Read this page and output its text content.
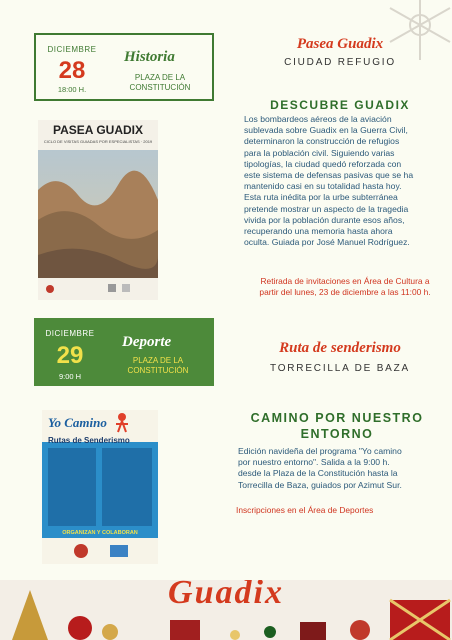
DICIEMBRE
28
18:00 H.
Historia
PLAZA DE LA
CONSTITUCIÓN
Pasea Guadix
CIUDAD REFUGIO
DESCUBRE GUADIX
Los bombardeos aéreos de la aviación
sublevada sobre Guadix en la Guerra Civil,
determinaron la construcción de refugios
para la población civil. Siguiendo varias
tipologías, la ciudad quedó reforzada con
este sistema de defensas pasivas que se ha
mantenido casi en su totalidad hasta hoy.
Esta ruta inédita por la urbe subterránea
pretende mostrar un aspecto de la tragedia
vivida por la población durante esos años,
recuperando una memoria hasta ahora
oculta. Guiada por José Manuel Rodríguez.
Retirada de invitaciones en Área de Cultura a
partir del lunes, 23 de diciembre a las 11:00 h.
PASEA GUADIX
CICLO DE VISITAS GUIADAS POR ESPECIALISTAS · 2019
DICIEMBRE
29
9:00 H
Deporte
PLAZA DE LA
CONSTITUCIÓN
Ruta de senderismo
TORRECILLA DE BAZA
CAMINO POR NUESTRO
ENTORNO
Edición navideña del programa "Yo camino
por nuestro entorno". Salida a la 9:00 h.
desde la Plaza de la Constitución hasta la
Torrecilla de Baza, guiados por Azimut Sur.
Inscripciones en el Área de Deportes
Yo Camino
Rutas de Senderismo
ORGANIZAN Y COLABORAN
Guadix
